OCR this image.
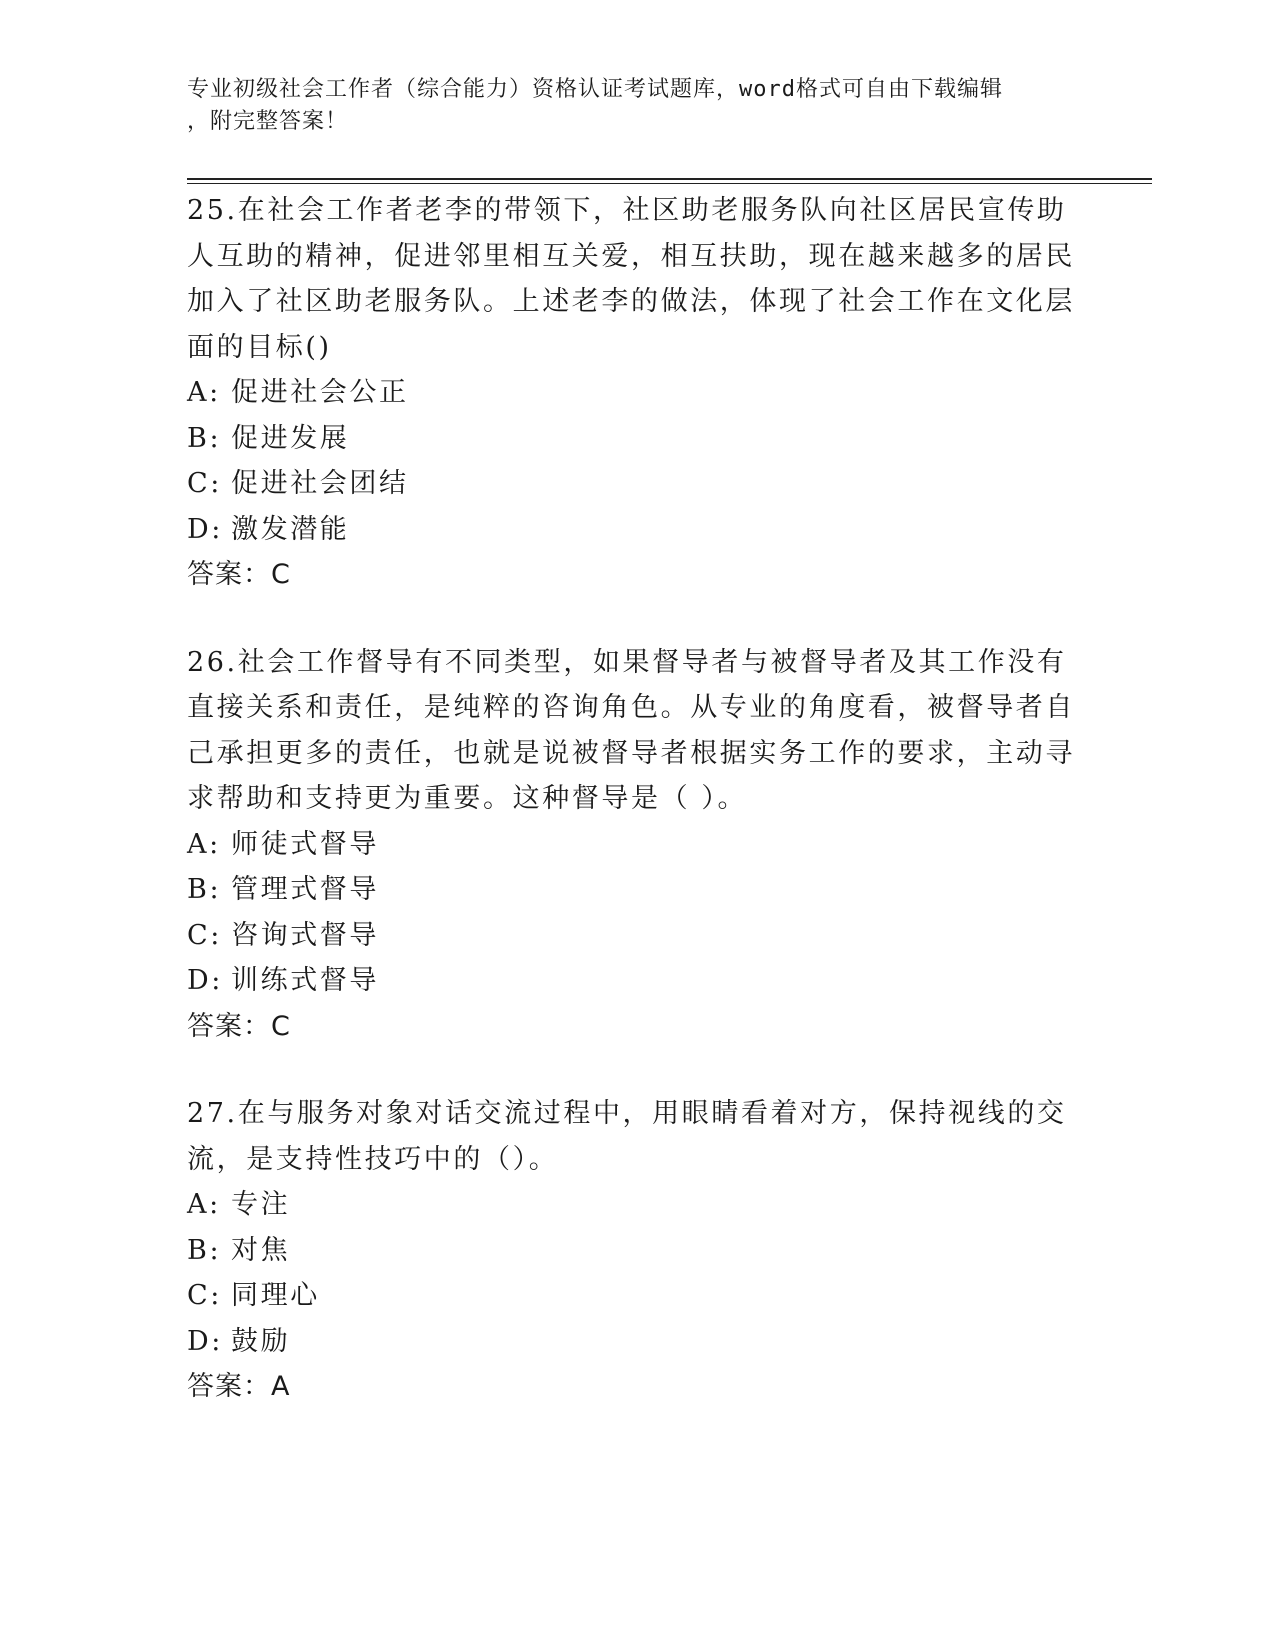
专业初级社会工作者（综合能力）资格认证考试题库，word格式可自由下载编辑
，附完整答案！
25.在社会工作者老李的带领下，社区助老服务队向社区居民宣传助人互助的精神，促进邻里相互关爱，相互扶助，现在越来越多的居民加入了社区助老服务队。上述老李的做法，体现了社会工作在文化层面的目标()
A: 促进社会公正
B: 促进发展
C: 促进社会团结
D: 激发潜能
答案：C
26.社会工作督导有不同类型，如果督导者与被督导者及其工作没有直接关系和责任，是纯粹的咨询角色。从专业的角度看，被督导者自己承担更多的责任，也就是说被督导者根据实务工作的要求，主动寻求帮助和支持更为重要。这种督导是（ ）。
A: 师徒式督导
B: 管理式督导
C: 咨询式督导
D: 训练式督导
答案：C
27.在与服务对象对话交流过程中，用眼睛看着对方，保持视线的交流，是支持性技巧中的（）。
A: 专注
B: 对焦
C: 同理心
D: 鼓励
答案：A
